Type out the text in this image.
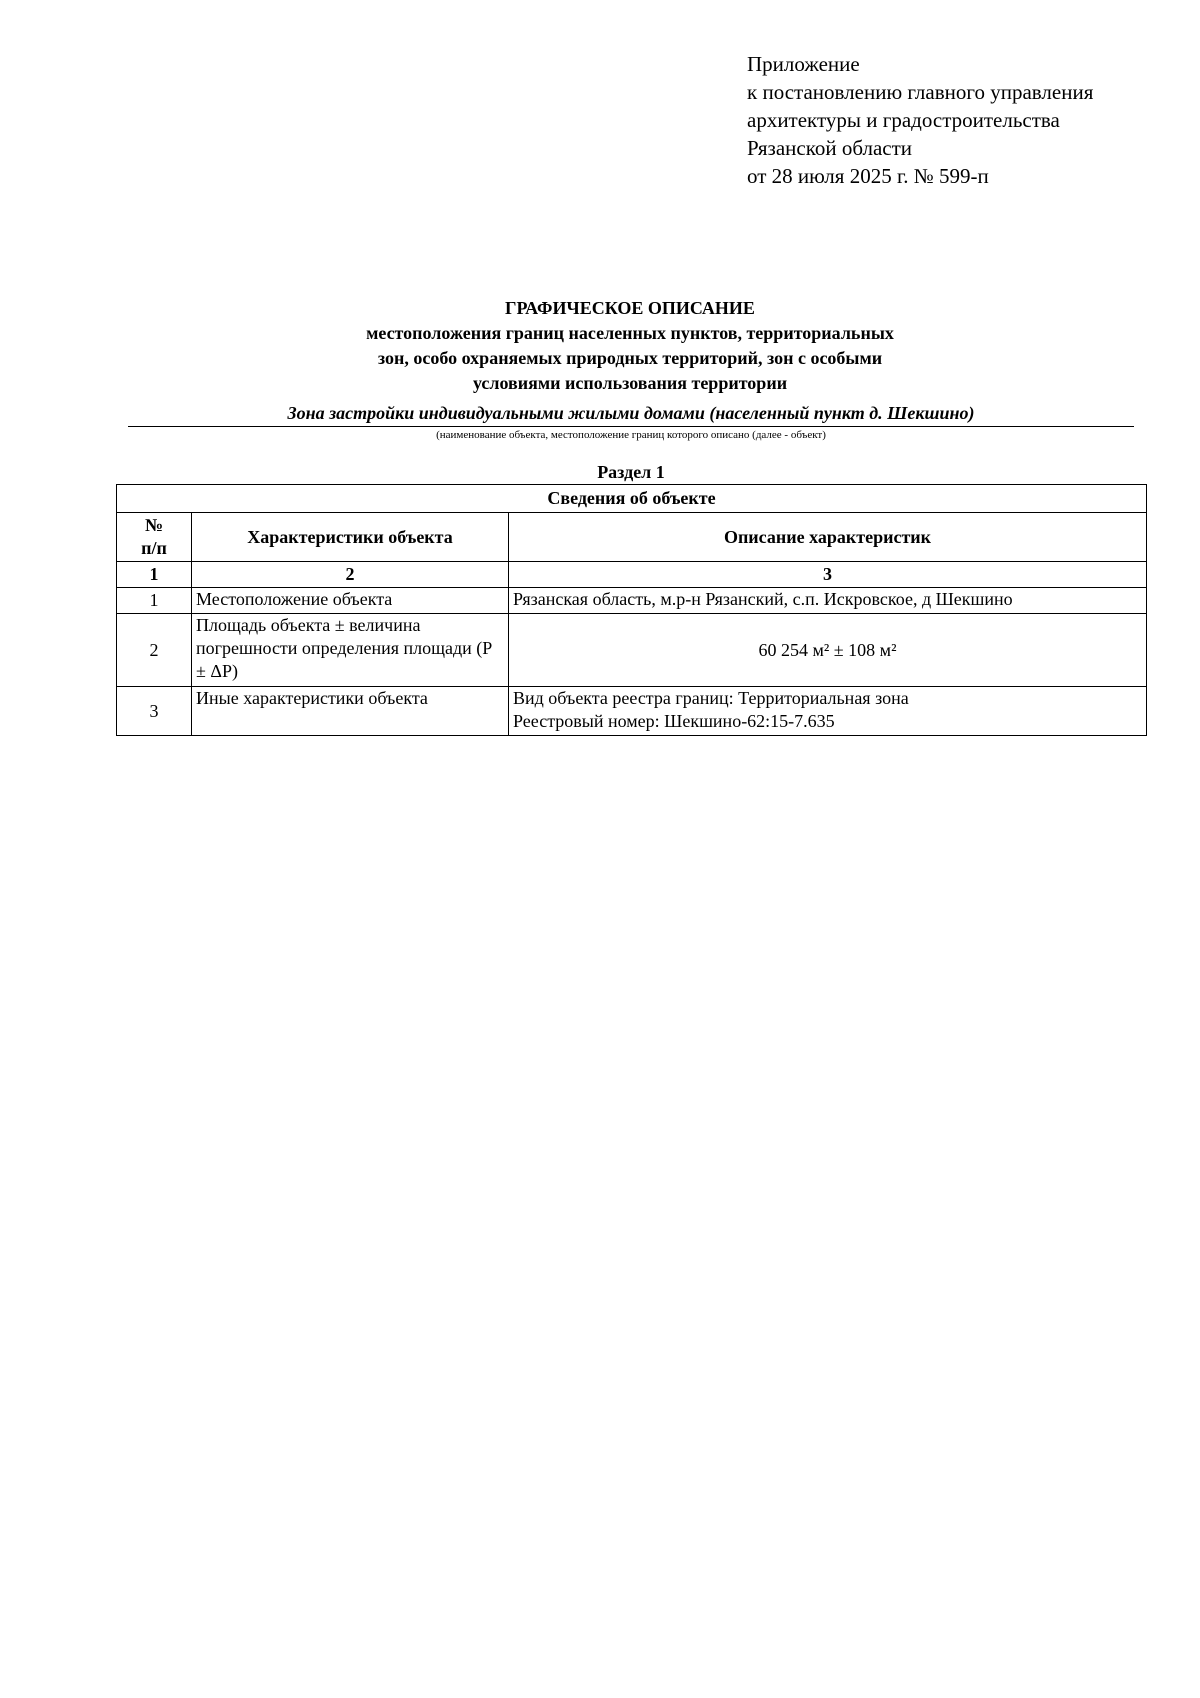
Приложение
к постановлению главного управления
архитектуры и градостроительства
Рязанской области
от 28 июля 2025 г. № 599-п
ГРАФИЧЕСКОЕ ОПИСАНИЕ
местоположения границ населенных пунктов, территориальных
зон, особо охраняемых природных территорий, зон с особыми
условиями использования территории
Зона застройки индивидуальными жилыми домами (населенный пункт д. Шекшино)
(наименование объекта, местоположение границ которого описано (далее - объект)
Раздел 1
Сведения об объекте		

№
п/п	Характеристики объекта	Описание характеристик
1	2	3
1	Местоположение объекта	Рязанская область, м.р-н Рязанский, с.п. Искровское, д Шекшино
2	Площадь объекта ± величина погрешности определения площади (P ± ΔP)	60 254 м² ± 108 м²
3	Иные характеристики объекта	Вид объекта реестра границ: Территориальная зона
Реестровый номер: Шекшино-62:15-7.635
